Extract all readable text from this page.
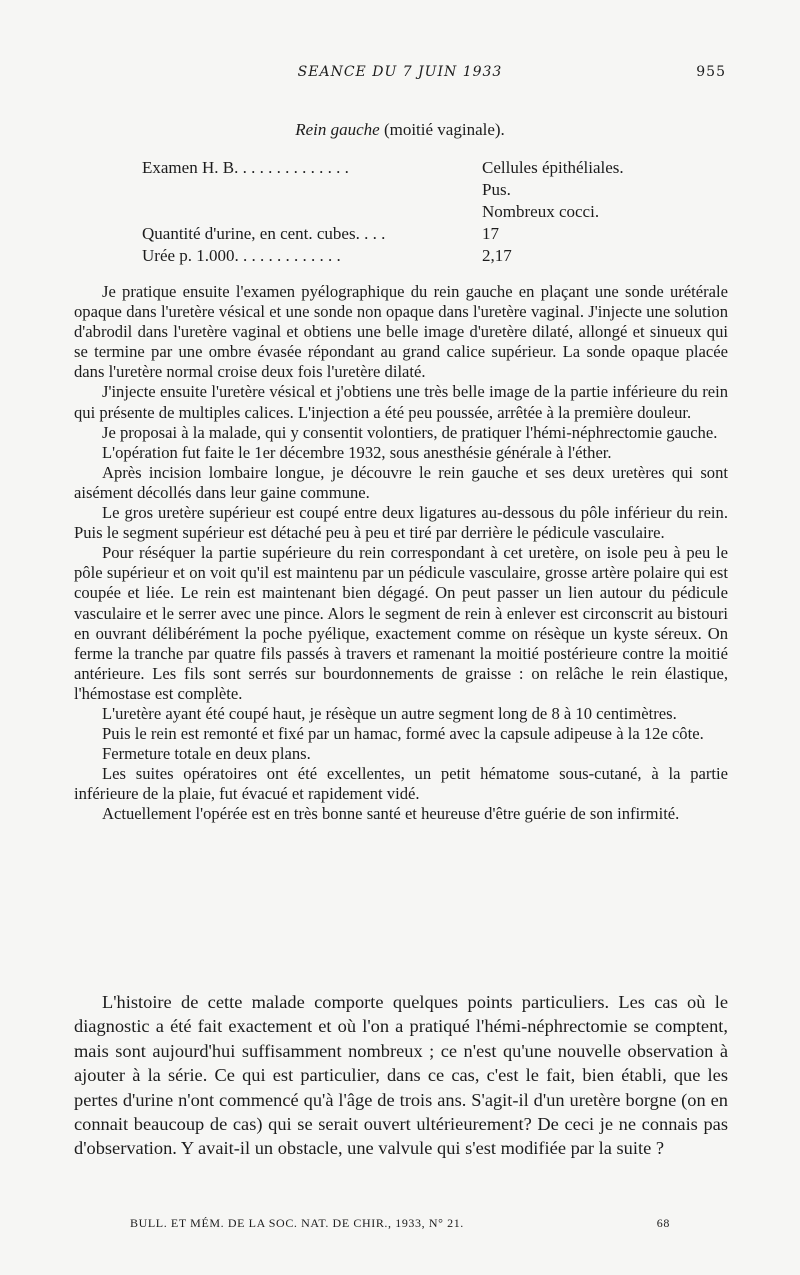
SEANCE DU 7 JUIN 1933	955
Rein gauche (moitié vaginale).
Examen H. B. . . . . . . . . . . . . .	Cellules épithéliales.
Pus.
Nombreux cocci.
Quantité d'urine, en cent. cubes. . . .	17
Urée p. 1.000. . . . . . . . . . . . .	2,17

Je pratique ensuite l'examen pyélographique du rein gauche en plaçant une sonde urétérale opaque dans l'uretère vésical et une sonde non opaque dans l'uretère vaginal. J'injecte une solution d'abrodil dans l'uretère vaginal et obtiens une belle image d'uretère dilaté, allongé et sinueux qui se termine par une ombre évasée répondant au grand calice supérieur. La sonde opaque placée dans l'uretère normal croise deux fois l'uretère dilaté.

J'injecte ensuite l'uretère vésical et j'obtiens une très belle image de la partie inférieure du rein qui présente de multiples calices. L'injection a été peu poussée, arrêtée à la première douleur.

Je proposai à la malade, qui y consentit volontiers, de pratiquer l'hémi-néphrectomie gauche.

L'opération fut faite le 1er décembre 1932, sous anesthésie générale à l'éther.

Après incision lombaire longue, je découvre le rein gauche et ses deux uretères qui sont aisément décollés dans leur gaine commune.

Le gros uretère supérieur est coupé entre deux ligatures au-dessous du pôle inférieur du rein. Puis le segment supérieur est détaché peu à peu et tiré par derrière le pédicule vasculaire.

Pour réséquer la partie supérieure du rein correspondant à cet uretère, on isole peu à peu le pôle supérieur et on voit qu'il est maintenu par un pédicule vasculaire, grosse artère polaire qui est coupée et liée. Le rein est maintenant bien dégagé. On peut passer un lien autour du pédicule vasculaire et le serrer avec une pince. Alors le segment de rein à enlever est circonscrit au bistouri en ouvrant délibérément la poche pyélique, exactement comme on résèque un kyste séreux. On ferme la tranche par quatre fils passés à travers et ramenant la moitié postérieure contre la moitié antérieure. Les fils sont serrés sur bourdonnements de graisse : on relâche le rein élastique, l'hémostase est complète.

L'uretère ayant été coupé haut, je résèque un autre segment long de 8 à 10 centimètres.

Puis le rein est remonté et fixé par un hamac, formé avec la capsule adipeuse à la 12e côte.

Fermeture totale en deux plans.

Les suites opératoires ont été excellentes, un petit hématome sous-cutané, à la partie inférieure de la plaie, fut évacué et rapidement vidé.

Actuellement l'opérée est en très bonne santé et heureuse d'être guérie de son infirmité.

L'histoire de cette malade comporte quelques points particuliers. Les cas où le diagnostic a été fait exactement et où l'on a pratiqué l'hémi-néphrectomie se comptent, mais sont aujourd'hui suffisamment nombreux ; ce n'est qu'une nouvelle observation à ajouter à la série. Ce qui est particulier, dans ce cas, c'est le fait, bien établi, que les pertes d'urine n'ont commencé qu'à l'âge de trois ans. S'agit-il d'un uretère borgne (on en connait beaucoup de cas) qui se serait ouvert ultérieurement? De ceci je ne connais pas d'observation. Y avait-il un obstacle, une valvule qui s'est modifiée par la suite ?

BULL. ET MÉM. DE LA SOC. NAT. DE CHIR., 1933, N° 21.	68
